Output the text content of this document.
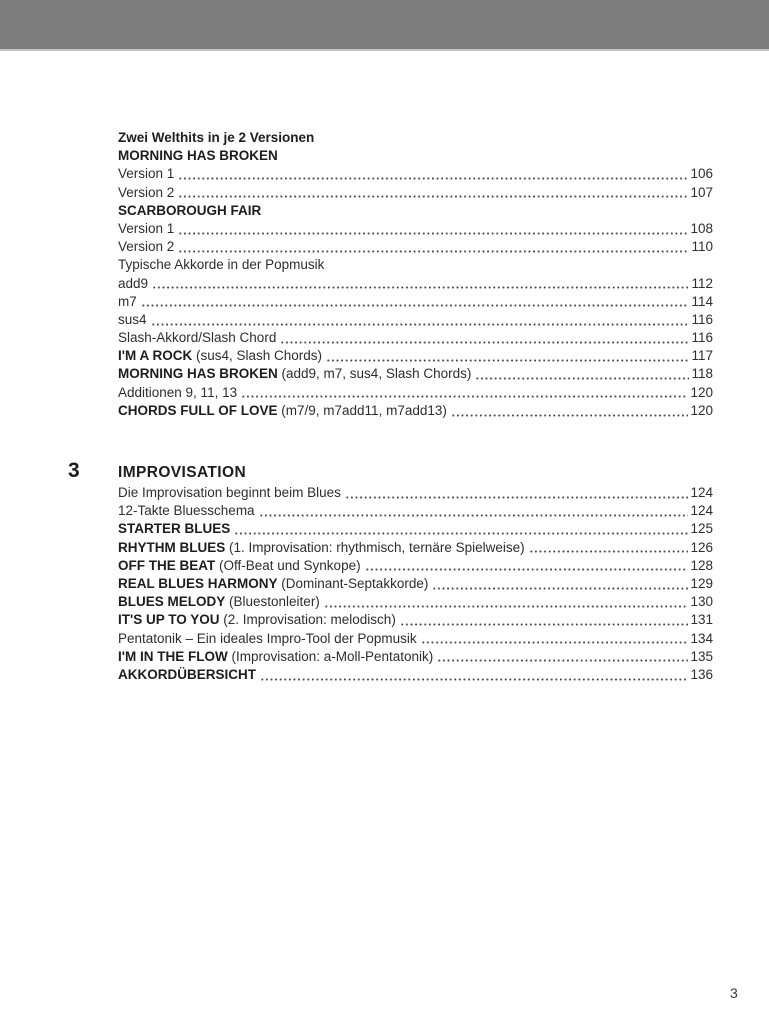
Zwei Welthits in je 2 Versionen
MORNING HAS BROKEN
Version 1	106
Version 2	107
SCARBOROUGH FAIR
Version 1	108
Version 2	110
Typische Akkorde in der Popmusik
add9	112
m7	114
sus4	116
Slash-Akkord/Slash Chord	116
I'M A ROCK (sus4, Slash Chords)	117
MORNING HAS BROKEN (add9, m7, sus4, Slash Chords)	118
Additionen 9, 11, 13	120
CHORDS FULL OF LOVE (m7/9, m7add11, m7add13)	120
3 IMPROVISATION
Die Improvisation beginnt beim Blues	124
12-Takte Bluesschema	124
STARTER BLUES	125
RHYTHM BLUES (1. Improvisation: rhythmisch, ternäre Spielweise)	126
OFF THE BEAT (Off-Beat und Synkope)	128
REAL BLUES HARMONY (Dominant-Septakkorde)	129
BLUES MELODY (Bluestonleiter)	130
IT'S UP TO YOU (2. Improvisation: melodisch)	131
Pentatonik – Ein ideales Impro-Tool der Popmusik	134
I'M IN THE FLOW (Improvisation: a-Moll-Pentatonik)	135
AKKORDÜBERSICHT	136
3
